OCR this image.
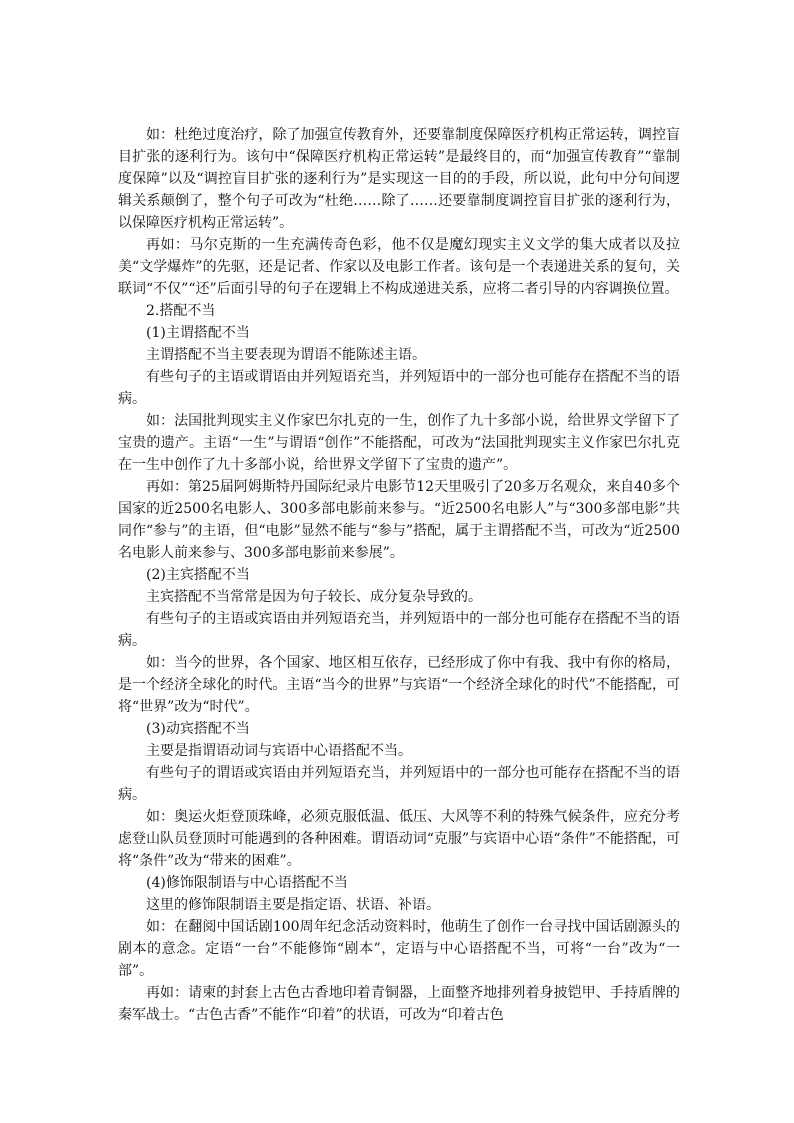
如：杜绝过度治疗，除了加强宣传教育外，还要靠制度保障医疗机构正常运转，调控盲目扩张的逐利行为。该句中“保障医疗机构正常运转”是最终目的，而“加强宣传教育”“靠制度保障”以及“调控盲目扩张的逐利行为”是实现这一目的的手段，所以说，此句中分句间逻辑关系颠倒了，整个句子可改为“杜绝……除了……还要靠制度调控盲目扩张的逐利行为，以保障医疗机构正常运转”。

再如：马尔克斯的一生充满传奇色彩，他不仅是魔幻现实主义文学的集大成者以及拉美“文学爆炸”的先驱，还是记者、作家以及电影工作者。该句是一个表递进关系的复句，关联词“不仅”“还”后面引导的句子在逻辑上不构成递进关系，应将二者引导的内容调换位置。

2.搭配不当

(1)主谓搭配不当

主谓搭配不当主要表现为谓语不能陈述主语。

有些句子的主语或谓语由并列短语充当，并列短语中的一部分也可能存在搭配不当的语病。

如：法国批判现实主义作家巴尔扎克的一生，创作了九十多部小说，给世界文学留下了宝贵的遗产。主语“一生”与谓语“创作”不能搭配，可改为“法国批判现实主义作家巴尔扎克在一生中创作了九十多部小说，给世界文学留下了宝贵的遗产”。

再如：第25届阿姆斯特丹国际纪录片电影节12天里吸引了20多万名观众，来自40多个国家的近2500名电影人、300多部电影前来参与。“近2500名电影人”与“300多部电影”共同作“参与”的主语，但“电影”显然不能与“参与”搭配，属于主谓搭配不当，可改为“近2500名电影人前来参与、300多部电影前来参展”。

(2)主宾搭配不当

主宾搭配不当常常是因为句子较长、成分复杂导致的。

有些句子的主语或宾语由并列短语充当，并列短语中的一部分也可能存在搭配不当的语病。

如：当今的世界，各个国家、地区相互依存，已经形成了你中有我、我中有你的格局，是一个经济全球化的时代。主语“当今的世界”与宾语“一个经济全球化的时代”不能搭配，可将“世界”改为“时代”。

(3)动宾搭配不当

主要是指谓语动词与宾语中心语搭配不当。

有些句子的谓语或宾语由并列短语充当，并列短语中的一部分也可能存在搭配不当的语病。

如：奥运火炬登顶珠峰，必须克服低温、低压、大风等不利的特殊气候条件，应充分考虑登山队员登顶时可能遇到的各种困难。谓语动词“克服”与宾语中心语“条件”不能搭配，可将“条件”改为“带来的困难”。

(4)修饰限制语与中心语搭配不当

这里的修饰限制语主要是指定语、状语、补语。

如：在翻阅中国话剧100周年纪念活动资料时，他萌生了创作一台寻找中国话剧源头的剧本的意念。定语“一台”不能修饰“剧本”，定语与中心语搭配不当，可将“一台”改为“一部”。

再如：请柬的封套上古色古香地印着青铜器，上面整齐地排列着身披铠甲、手持盾牌的秦军战士。“古色古香”不能作“印着”的状语，可改为“印着古色
